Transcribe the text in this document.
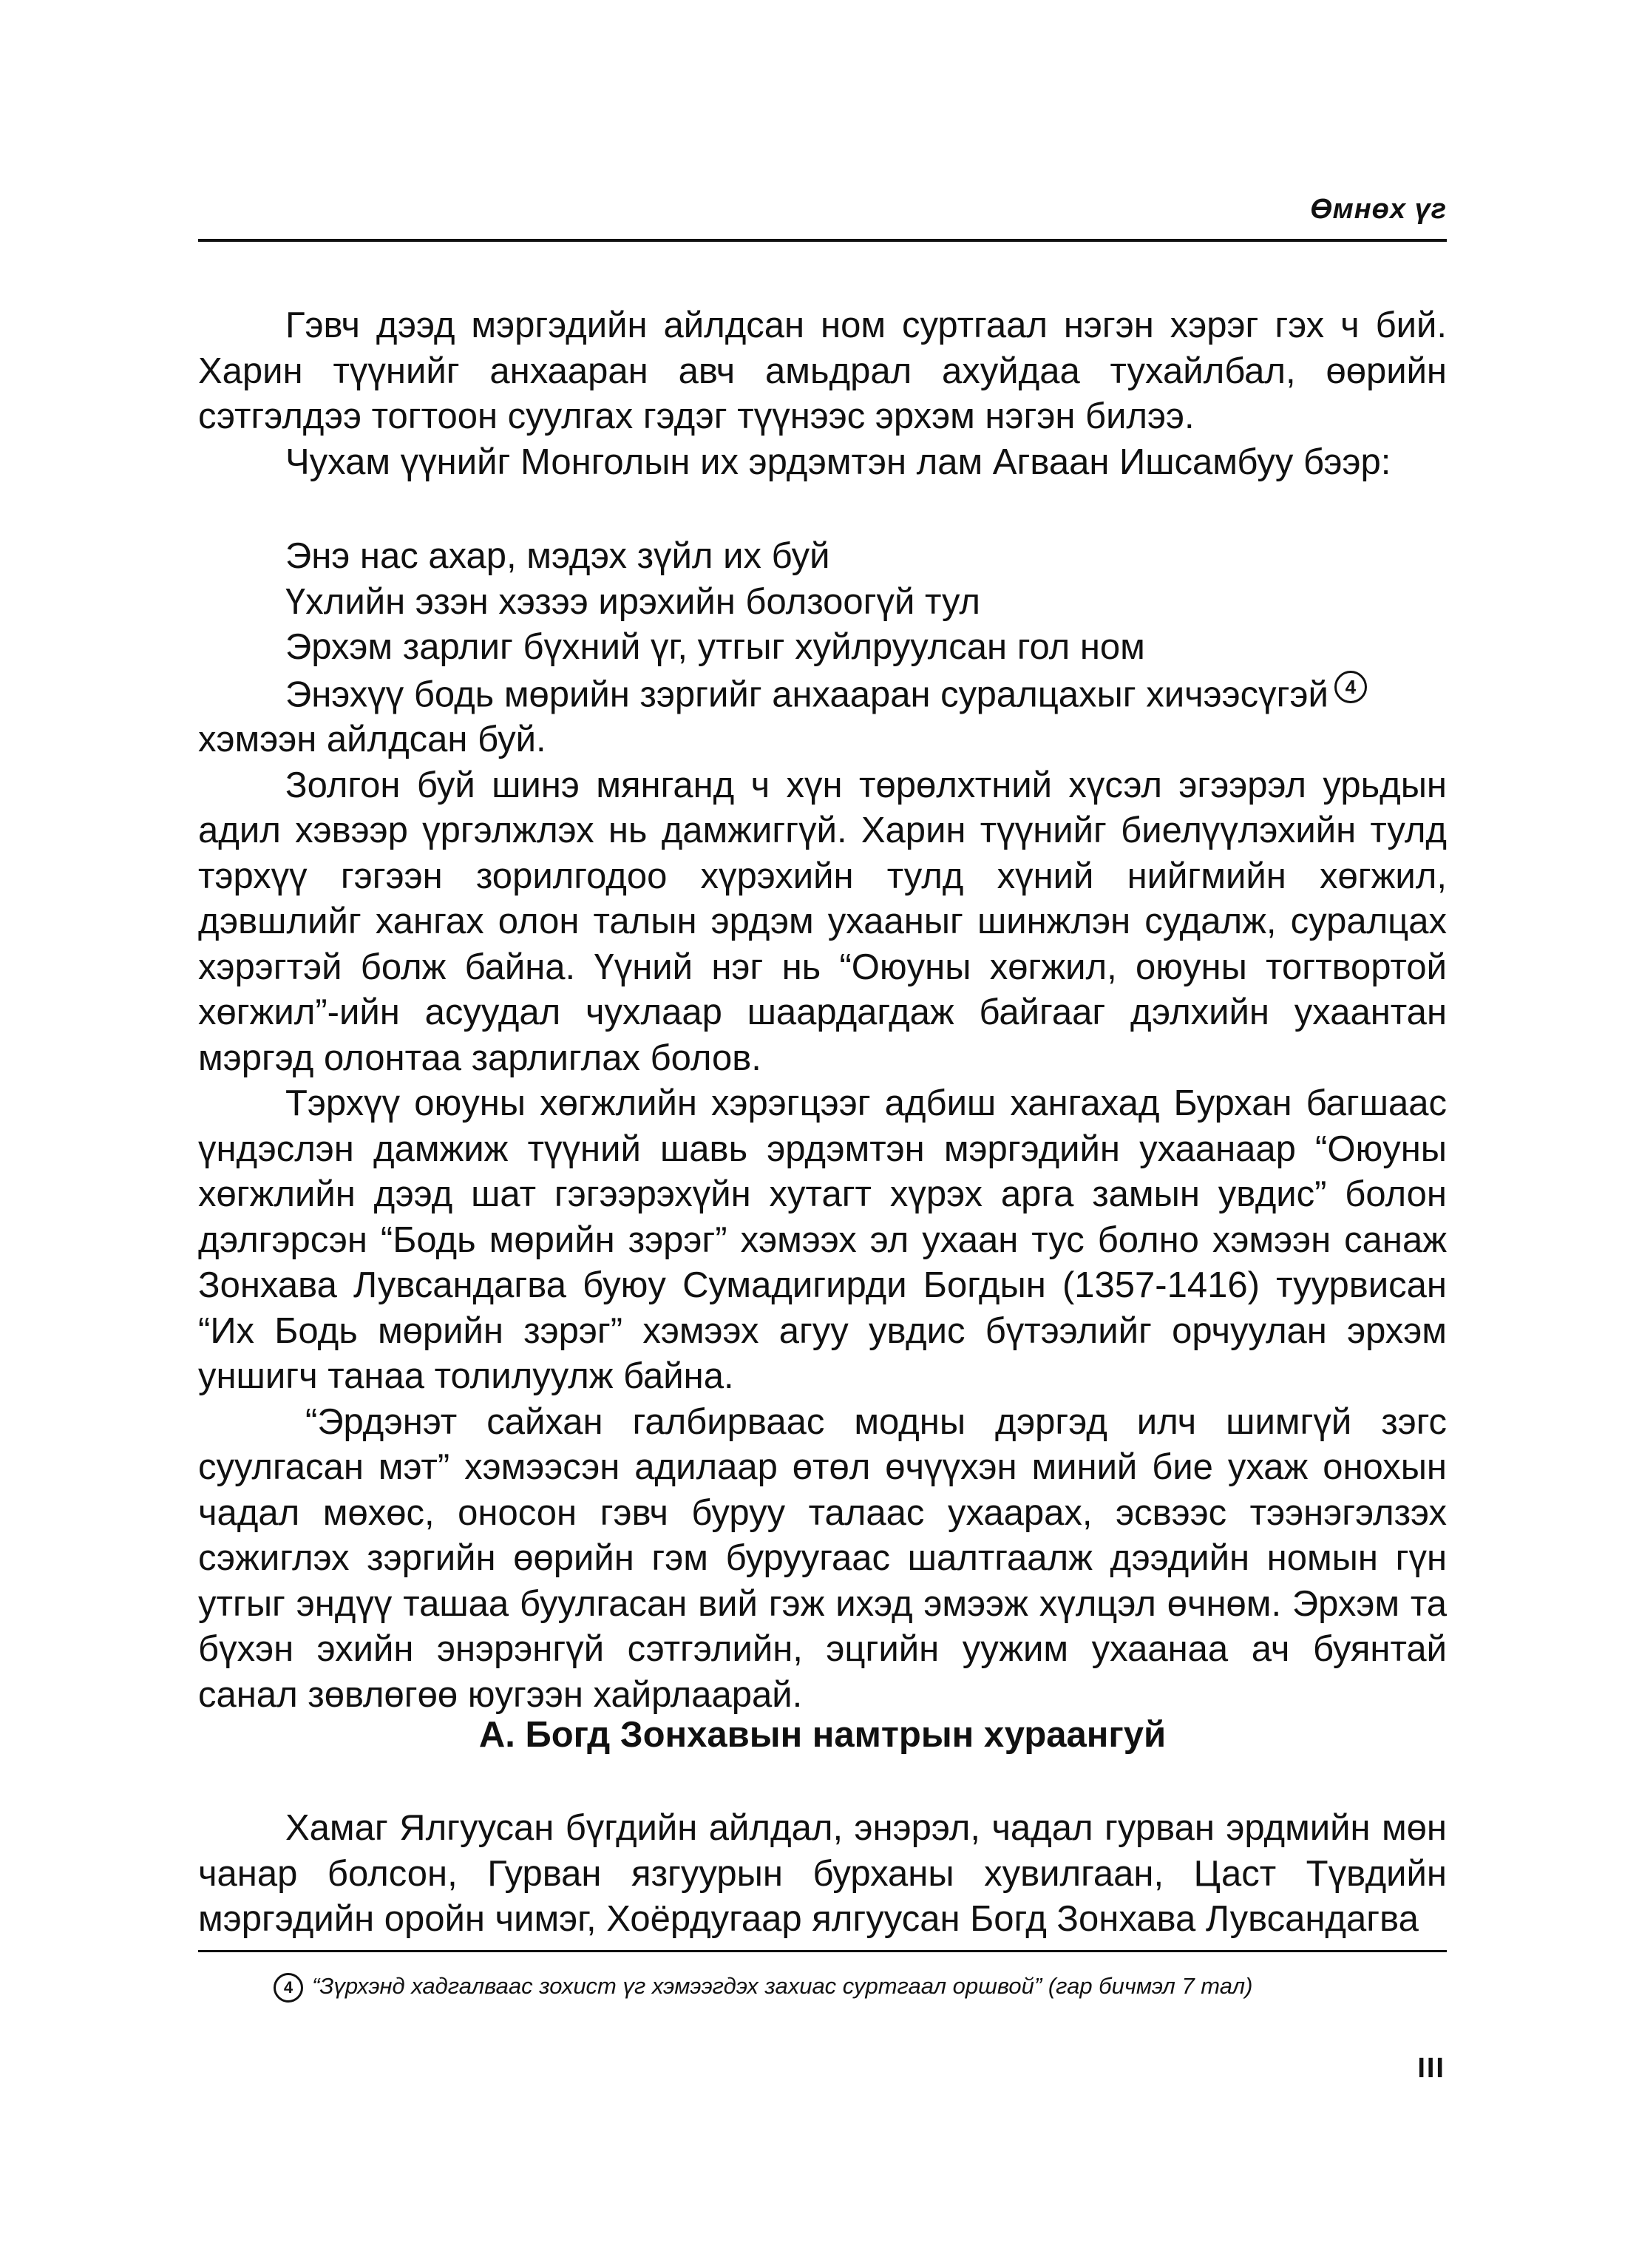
Өмнөх үг

Гэвч дээд мэргэдийн айлдсан ном суртгаал нэгэн хэрэг гэх ч бий. Харин түүнийг анхааран авч амьдрал ахуйдаа тухайлбал, өөрийн сэтгэлдээ тогтоон суулгах гэдэг түүнээс эрхэм нэгэн билээ.

Чухам үүнийг Монголын их эрдэмтэн лам Агваан Ишсамбуу бээр:

Энэ нас ахар, мэдэх зүйл их буй
Үхлийн эзэн хэзээ ирэхийн болзоогүй тул
Эрхэм зарлиг бүхний үг, утгыг хуйлруулсан гол ном
Энэхүү бодь мөрийн зэргийг анхааран суралцахыг хичээсүгэй 4

хэмээн айлдсан буй.

Золгон буй шинэ мянганд ч хүн төрөлхтний хүсэл эгээрэл урьдын адил хэвээр үргэлжлэх нь дамжиггүй. Харин түүнийг биелүүлэхийн тулд тэрхүү гэгээн зорилгодоо хүрэхийн тулд хүний нийгмийн хөгжил, дэвшлийг хангах олон талын эрдэм ухааныг шинжлэн судалж, суралцах хэрэгтэй болж байна. Үүний нэг нь “Оюуны хөгжил, оюуны тогтвортой хөгжил”-ийн асуудал чухлаар шаардагдаж байгааг дэлхийн ухаантан мэргэд олонтаа зарлиглах болов.

Тэрхүү оюуны хөгжлийн хэрэгцээг адбиш хангахад Бурхан багшаас үндэслэн дамжиж түүний шавь эрдэмтэн мэргэдийн ухаанаар “Оюуны хөгжлийн дээд шат гэгээрэхүйн хутагт хүрэх арга замын увдис” болон дэлгэрсэн “Бодь мөрийн зэрэг” хэмээх эл ухаан тус болно хэмээн санаж Зонхава Лувсандагва буюу Сумадигирди Богдын (1357-1416) туурвисан “Их Бодь мөрийн зэрэг” хэмээх агуу увдис бүтээлийг орчуулан эрхэм уншигч танаа толилуулж байна.

“Эрдэнэт сайхан галбирваас модны дэргэд илч шимгүй зэгс суулгасан мэт” хэмээсэн адилаар өтөл өчүүхэн миний бие ухаж онохын чадал мөхөс, оносон гэвч буруу талаас ухаарах, эсвээс тээнэгэлзэх сэжиглэх зэргийн өөрийн гэм буруугаас шалтгаалж дээдийн номын гүн утгыг эндүү ташаа буулгасан вий гэж ихэд эмээж хүлцэл өчнөм. Эрхэм та бүхэн эхийн энэрэнгүй сэтгэлийн, эцгийн уужим ухаанаа ач буянтай санал зөвлөгөө юугээн хайрлаарай.

А. Богд Зонхавын намтрын хураангуй

Хамаг Ялгуусан бүгдийн айлдал, энэрэл, чадал гурван эрдмийн мөн чанар болсон, Гурван язгуурын бурханы хувилгаан, Цаст Түвдийн мэргэдийн оройн чимэг, Хоёрдугаар ялгуусан Богд Зонхава Лувсандагва

4 “Зүрхэнд хадгалваас зохист үг хэмээгдэх захиас суртгаал оршвой” (гар бичмэл 7 тал)
III
